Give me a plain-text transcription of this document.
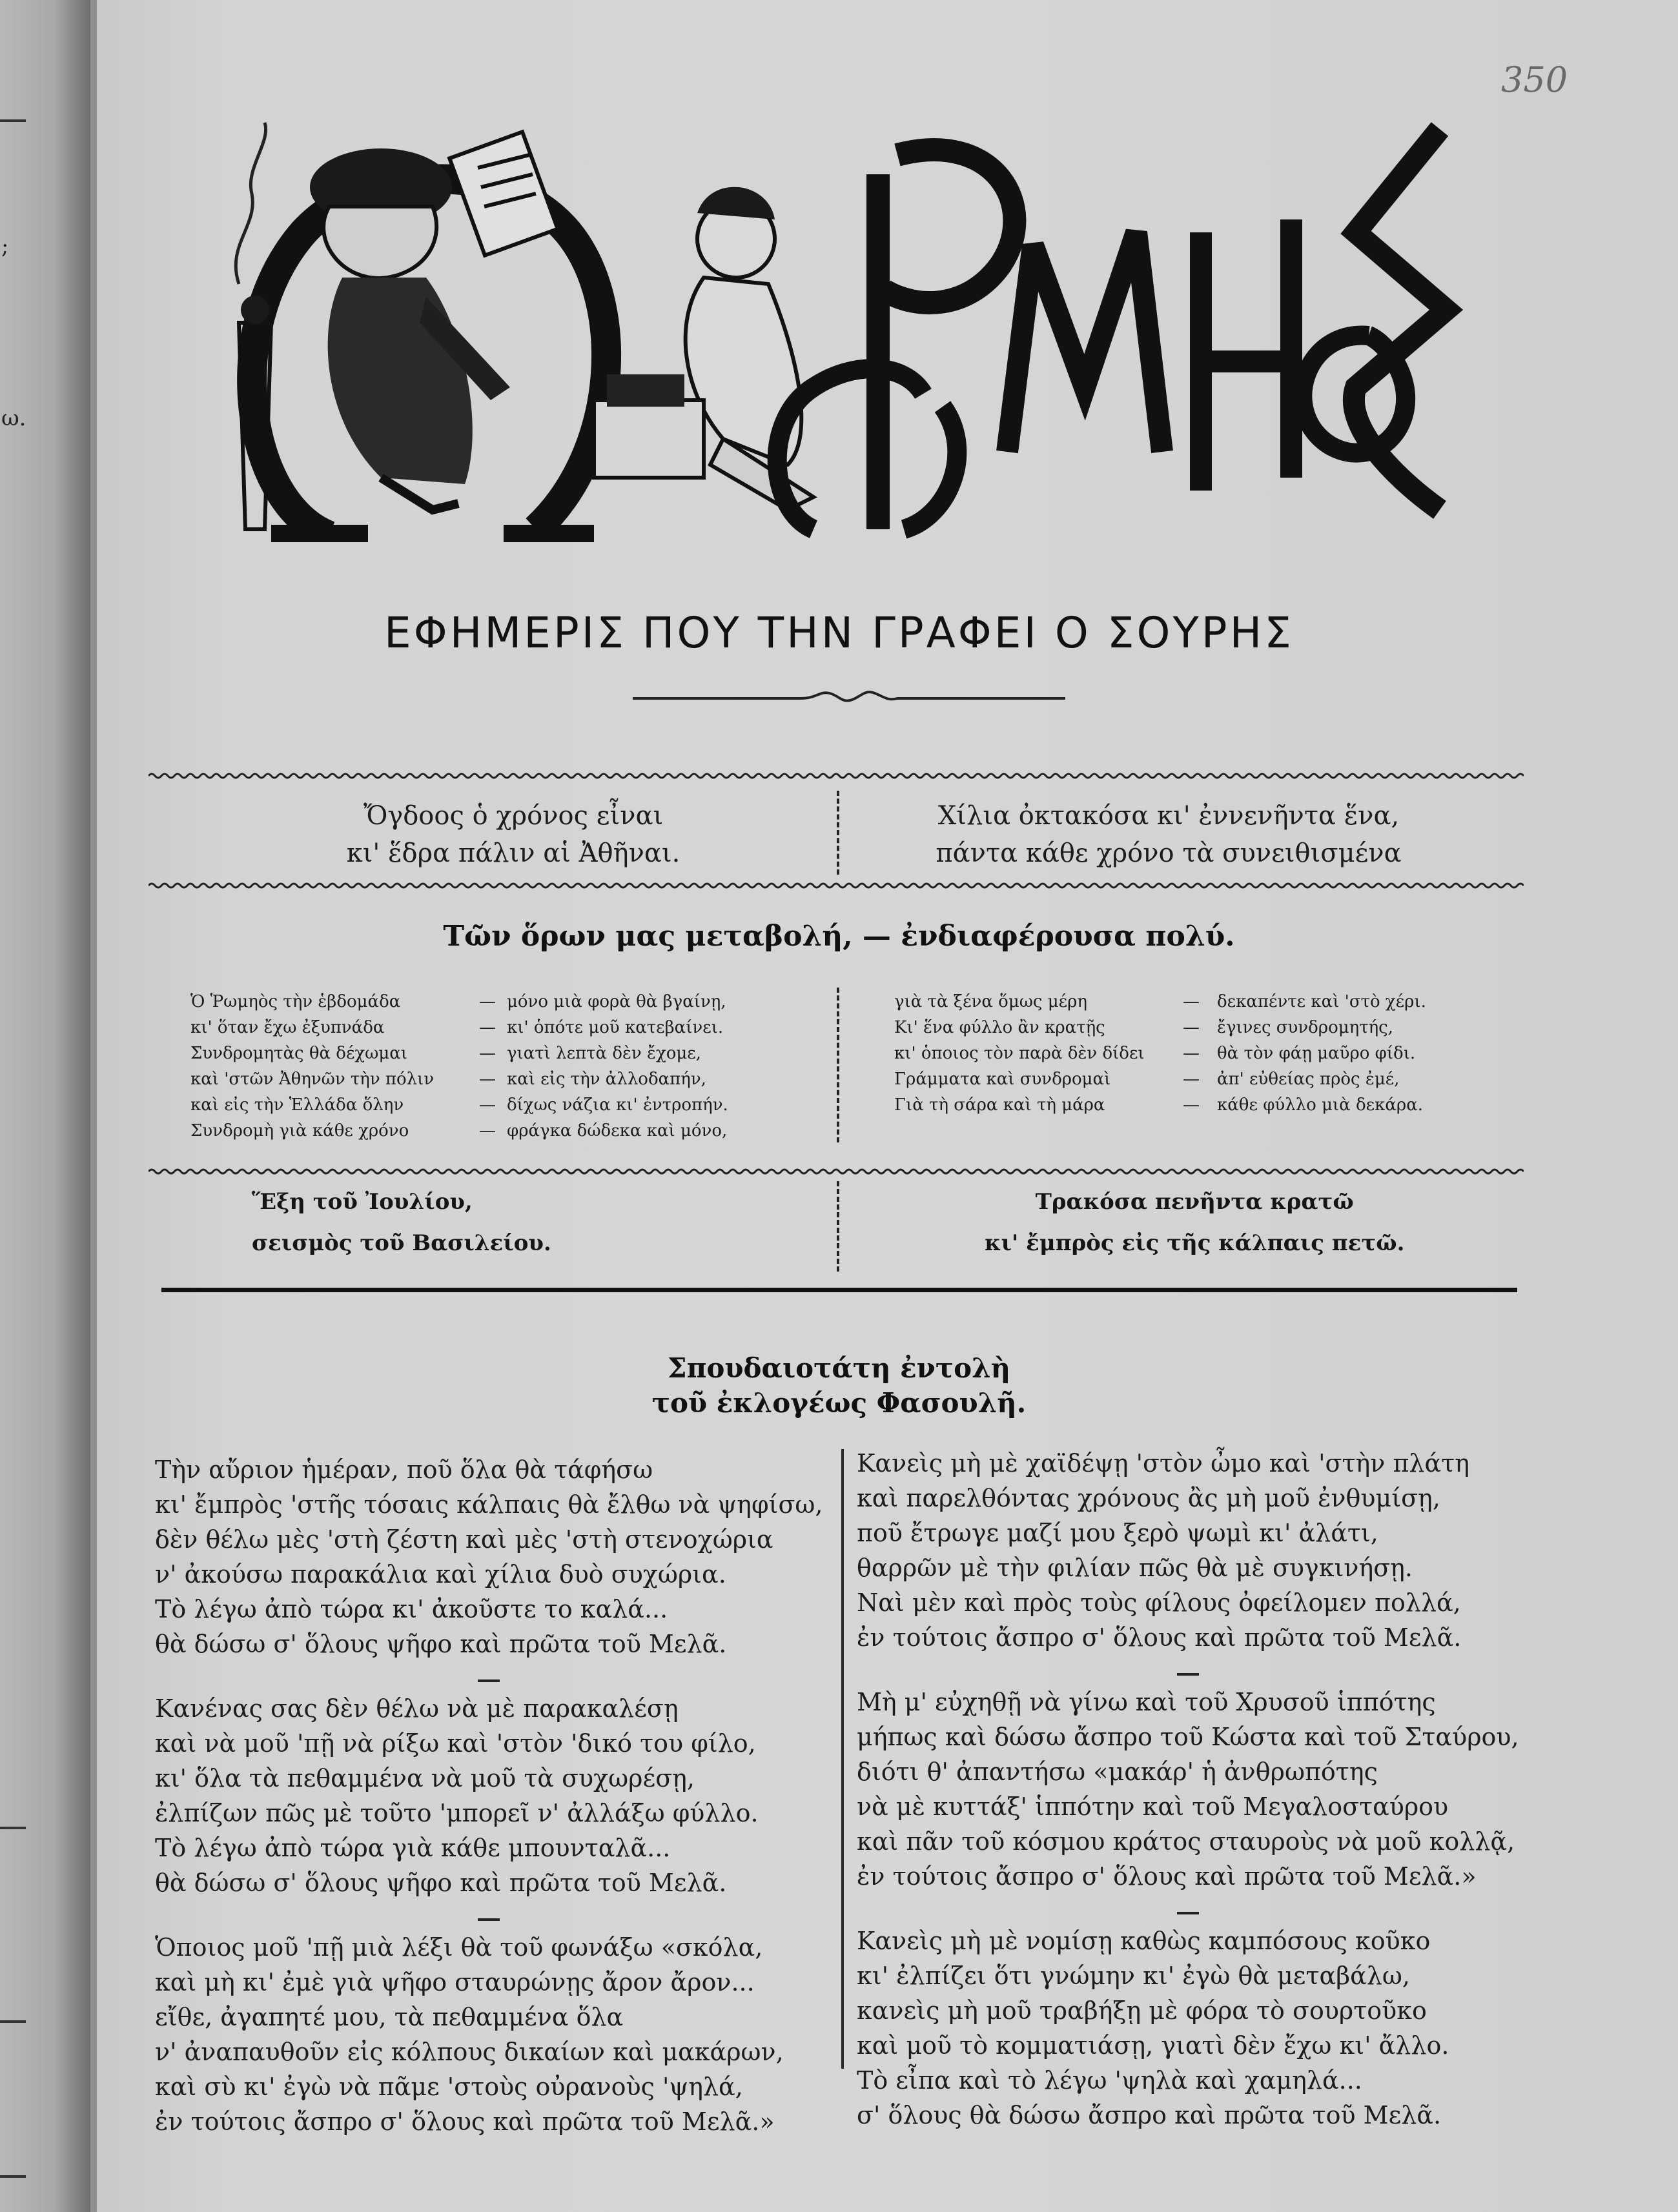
;
ω.
350
ΕΦΗΜΕΡΙΣ ΠΟΥ ΤΗΝ ΓΡΑΦΕΙ Ο ΣΟΥΡΗΣ
Ὄγδοος ὁ χρόνος εἶναι
κι' ἕδρα πάλιν αἱ Ἀθῆναι.
Χίλια ὀκτακόσα κι' ἐννενῆντα ἕνα,
πάντα κάθε χρόνο τὰ συνειθισμένα
Τῶν ὅρων μας μεταβολή, — ἐνδιαφέρουσα πολύ.
Ὁ Ῥωμηὸς τὴν ἑβδομάδα	— μόνο μιὰ φορὰ θὰ βγαίνῃ,
κι' ὅταν ἔχω ἐξυπνάδα	— κι' ὁπότε μοῦ κατεβαίνει.
Συνδρομητὰς θὰ δέχωμαι	— γιατὶ λεπτὰ δὲν ἔχομε,
καὶ 'στῶν Ἀθηνῶν τὴν πόλιν	— καὶ εἰς τὴν ἀλλοδαπήν,
καὶ εἰς τὴν Ἑλλάδα ὅλην	— δίχως νάζια κι' ἐντροπήν.
Συνδρομὴ γιὰ κάθε χρόνο	— φράγκα δώδεκα καὶ μόνο,
γιὰ τὰ ξένα ὅμως μέρη	—	δεκαπέντε καὶ 'στὸ χέρι.
Κι' ἕνα φύλλο ἂν κρατῇς	—	ἔγινες συνδρομητής,
κι' ὁποιος τὸν παρὰ δὲν δίδει	—	θὰ τὸν φάῃ μαῦρο φίδι.
Γράμματα καὶ συνδρομαὶ	—	ἀπ' εὐθείας πρὸς ἐμέ,
Γιὰ τὴ σάρα καὶ τὴ μάρα	—	κάθε φύλλο μιὰ δεκάρα.
Ἕξη τοῦ Ἰουλίου,
σεισμὸς τοῦ Βασιλείου.
Τρακόσα πενῆντα κρατῶ
κι' ἔμπρὸς εἰς τῆς κάλπαις πετῶ.
Σπουδαιοτάτη ἐντολὴ
τοῦ ἐκλογέως Φασουλῆ.
Τὴν αὔριον ἡμέραν, ποῦ ὅλα θὰ τάφήσω
κι' ἔμπρὸς 'στῆς τόσαις κάλπαις θὰ ἔλθω νὰ ψηφίσω,
δὲν θέλω μὲς 'στὴ ζέστη καὶ μὲς 'στὴ στενοχώρια
ν' ἀκούσω παρακάλια καὶ χίλια δυὸ συχώρια.
Τὸ λέγω ἀπὸ τώρα κι' ἀκοῦστε το καλά...
θὰ δώσω σ' ὅλους ψῆφο καὶ πρῶτα τοῦ Μελᾶ.
Κανένας σας δὲν θέλω νὰ μὲ παρακαλέσῃ
καὶ νὰ μοῦ 'πῇ νὰ ρίξω καὶ 'στὸν 'δικό του φίλο,
κι' ὅλα τὰ πεθαμμένα νὰ μοῦ τὰ συχωρέσῃ,
ἐλπίζων πῶς μὲ τοῦτο 'μπορεῖ ν' ἀλλάξω φύλλο.
Τὸ λέγω ἀπὸ τώρα γιὰ κάθε μπουνταλᾶ...
θὰ δώσω σ' ὅλους ψῆφο καὶ πρῶτα τοῦ Μελᾶ.
Ὁποιος μοῦ 'πῇ μιὰ λέξι θὰ τοῦ φωνάξω «σκόλα,
καὶ μὴ κι' ἐμὲ γιὰ ψῆφο σταυρώνῃς ἄρον ἄρον...
εἴθε, ἀγαπητέ μου, τὰ πεθαμμένα ὅλα
ν' ἀναπαυθοῦν εἰς κόλπους δικαίων καὶ μακάρων,
καὶ σὺ κι' ἐγὼ νὰ πᾶμε 'στοὺς οὐρανοὺς 'ψηλά,
ἐν τούτοις ἄσπρο σ' ὅλους καὶ πρῶτα τοῦ Μελᾶ.»
Κανεὶς μὴ μὲ χαϊδέψῃ 'στὸν ὦμο καὶ 'στὴν πλάτη
καὶ παρελθόντας χρόνους ἂς μὴ μοῦ ἐνθυμίσῃ,
ποῦ ἔτρωγε μαζί μου ξερὸ ψωμὶ κι' ἀλάτι,
θαρρῶν μὲ τὴν φιλίαν πῶς θὰ μὲ συγκινήσῃ.
Ναὶ μὲν καὶ πρὸς τοὺς φίλους ὀφείλομεν πολλά,
ἐν τούτοις ἄσπρο σ' ὅλους καὶ πρῶτα τοῦ Μελᾶ.
Μὴ μ' εὐχηθῇ νὰ γίνω καὶ τοῦ Χρυσοῦ ἱππότης
μήπως καὶ δώσω ἄσπρο τοῦ Κώστα καὶ τοῦ Σταύρου,
διότι θ' ἀπαντήσω «μακάρ' ἡ ἀνθρωπότης
νὰ μὲ κυττάξ' ἱππότην καὶ τοῦ Μεγαλοσταύρου
καὶ πᾶν τοῦ κόσμου κράτος σταυροὺς νὰ μοῦ κολλᾷ,
ἐν τούτοις ἄσπρο σ' ὅλους καὶ πρῶτα τοῦ Μελᾶ.»
Κανεὶς μὴ μὲ νομίσῃ καθὼς καμπόσους κοῦκο
κι' ἐλπίζει ὅτι γνώμην κι' ἐγὼ θὰ μεταβάλω,
κανεὶς μὴ μοῦ τραβήξῃ μὲ φόρα τὸ σουρτοῦκο
καὶ μοῦ τὸ κομματιάσῃ, γιατὶ δὲν ἔχω κι' ἄλλο.
Τὸ εἶπα καὶ τὸ λέγω 'ψηλὰ καὶ χαμηλά...
σ' ὅλους θὰ δώσω ἄσπρο καὶ πρῶτα τοῦ Μελᾶ.
